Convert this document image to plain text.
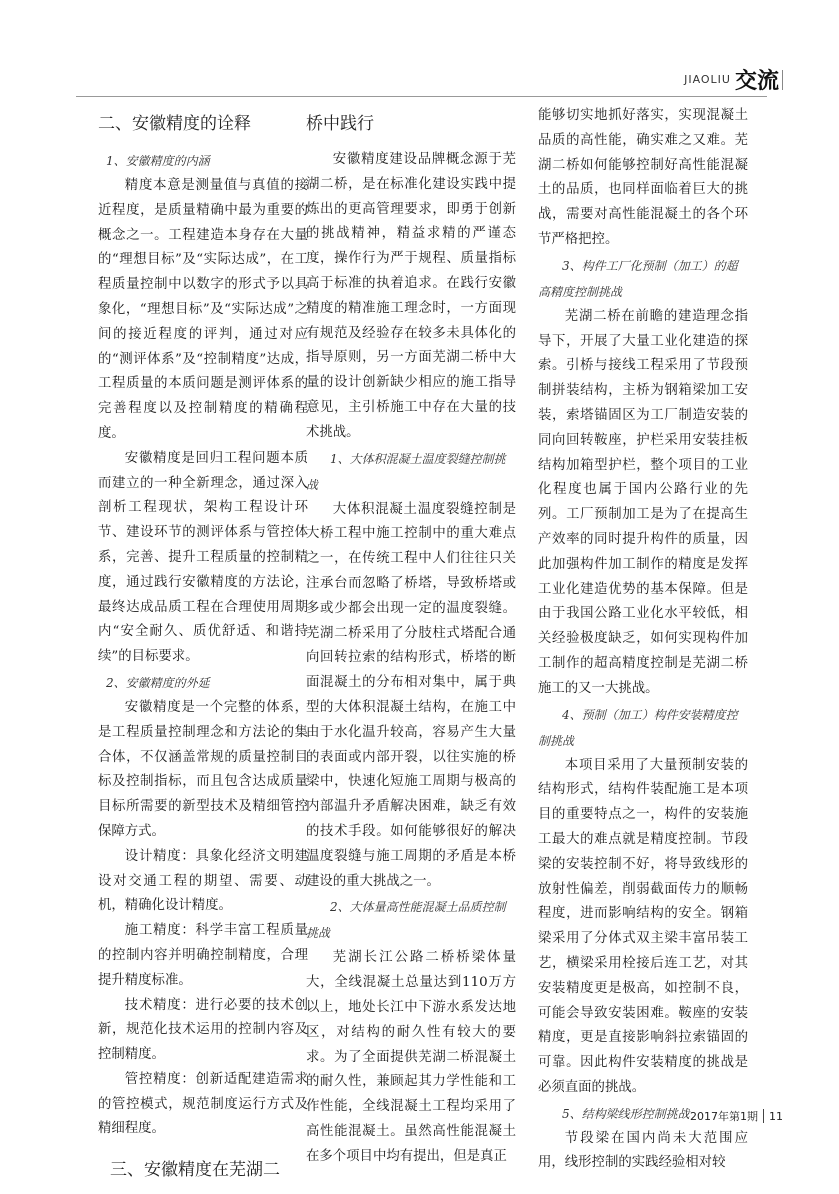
JIAOLIU 交流
二、安徽精度的诠释

1、安徽精度的内涵

精度本意是测量值与真值的接近程度，是质量精确中最为重要的概念之一。工程建造本身存在大量的“理想目标”及“实际达成”，在工程质量控制中以数字的形式予以具象化，“理想目标”及“实际达成”之间的接近程度的评判，通过对应的“测评体系”及“控制精度”达成，工程质量的本质问题是测评体系的完善程度以及控制精度的精确程度。

安徽精度是回归工程问题本质而建立的一种全新理念，通过深入剖析工程现状，架构工程设计环节、建设环节的测评体系与管控体系，完善、提升工程质量的控制精度，通过践行安徽精度的方法论，最终达成品质工程在合理使用周期内“安全耐久、质优舒适、和谐持续”的目标要求。

2、安徽精度的外延

安徽精度是一个完整的体系，是工程质量控制理念和方法论的集合体，不仅涵盖常规的质量控制目标及控制指标，而且包含达成质量目标所需要的新型技术及精细管控保障方式。

设计精度：具象化经济文明建设对交通工程的期望、需要、动机，精确化设计精度。

施工精度：科学丰富工程质量的控制内容并明确控制精度，合理提升精度标准。

技术精度：进行必要的技术创新，规范化技术运用的控制内容及控制精度。

管控精度：创新适配建造需求的管控模式，规范制度运行方式及精细程度。

三、安徽精度在芜湖二
桥中践行

安徽精度建设品牌概念源于芜湖二桥，是在标准化建设实践中提炼出的更高管理要求，即勇于创新的挑战精神，精益求精的严谨态度，操作行为严于规程、质量指标高于标准的执着追求。在践行安徽精度的精准施工理念时，一方面现有规范及经验存在较多未具体化的指导原则，另一方面芜湖二桥中大量的设计创新缺少相应的施工指导意见，主引桥施工中存在大量的技术挑战。

1、大体积混凝土温度裂缝控制挑战

大体积混凝土温度裂缝控制是大桥工程中施工控制中的重大难点之一，在传统工程中人们往往只关注承台而忽略了桥塔，导致桥塔或多或少都会出现一定的温度裂缝。芜湖二桥采用了分肢柱式塔配合通向回转拉索的结构形式，桥塔的断面混凝土的分布相对集中，属于典型的大体积混凝土结构，在施工中由于水化温升较高，容易产生大量的表面或内部开裂，以往实施的桥梁中，快速化短施工周期与极高的内部温升矛盾解决困难，缺乏有效的技术手段。如何能够很好的解决温度裂缝与施工周期的矛盾是本桥建设的重大挑战之一。

2、大体量高性能混凝土品质控制挑战

芜湖长江公路二桥桥梁体量大，全线混凝土总量达到110万方以上，地处长江中下游水系发达地区，对结构的耐久性有较大的要求。为了全面提供芜湖二桥混凝土的耐久性，兼顾起其力学性能和工作性能，全线混凝土工程均采用了高性能混凝土。虽然高性能混凝土在多个项目中均有提出，但是真正

能够切实地抓好落实，实现混凝土品质的高性能，确实难之又难。芜湖二桥如何能够控制好高性能混凝土的品质，也同样面临着巨大的挑战，需要对高性能混凝土的各个环节严格把控。

3、构件工厂化预制（加工）的超高精度控制挑战

芜湖二桥在前瞻的建造理念指导下，开展了大量工业化建造的探索。引桥与接线工程采用了节段预制拼装结构，主桥为钢箱梁加工安装，索塔锚固区为工厂制造安装的同向回转鞍座，护栏采用安装挂板结构加箱型护栏，整个项目的工业化程度也属于国内公路行业的先列。工厂预制加工是为了在提高生产效率的同时提升构件的质量，因此加强构件加工制作的精度是发挥工业化建造优势的基本保障。但是由于我国公路工业化水平较低，相关经验极度缺乏，如何实现构件加工制作的超高精度控制是芜湖二桥施工的又一大挑战。

4、预制（加工）构件安装精度控制挑战

本项目采用了大量预制安装的结构形式，结构件装配施工是本项目的重要特点之一，构件的安装施工最大的难点就是精度控制。节段梁的安装控制不好，将导致线形的放射性偏差，削弱截面传力的顺畅程度，进而影响结构的安全。钢箱梁采用了分体式双主梁丰富吊装工艺，横梁采用栓接后连工艺，对其安装精度更是极高，如控制不良，可能会导致安装困难。鞍座的安装精度，更是直接影响斜拉索锚固的可靠。因此构件安装精度的挑战是必须直面的挑战。

5、结构梁线形控制挑战

节段梁在国内尚未大范围应用，线形控制的实践经验相对较

2017年第1期 11
